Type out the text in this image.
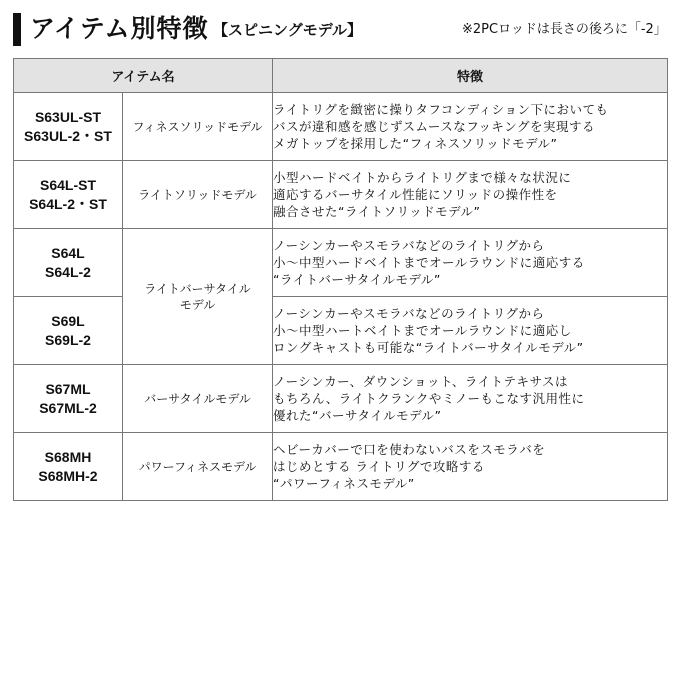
アイテム別特徴 【スピニングモデル】	※2PCロッドは長さの後ろに「-2」
アイテム名		特徴

S63UL-ST
S63UL-2・ST	フィネスソリッドモデル	ライトリグを緻密に操りタフコンディション下においても
バスが違和感を感じずスムースなフッキングを実現する
メガトップを採用した“フィネスソリッドモデル”

S64L-ST
S64L-2・ST	ライトソリッドモデル	小型ハードベイトからライトリグまで様々な状況に
適応するバーサタイル性能にソリッドの操作性を
融合させた“ライトソリッドモデル”

S64L
S64L-2	ライトバーサタイル
モデル	ノーシンカーやスモラバなどのライトリグから
小～中型ハードベイトまでオールラウンドに適応する
“ライトバーサタイルモデル”

S69L
S69L-2		ノーシンカーやスモラバなどのライトリグから
小～中型ハートベイトまでオールラウンドに適応し
ロングキャストも可能な“ライトバーサタイルモデル”

S67ML
S67ML-2	バーサタイルモデル	ノーシンカー、ダウンショット、ライトテキサスは
もちろん、ライトクランクやミノーもこなす汎用性に
優れた“バーサタイルモデル”

S68MH
S68MH-2	パワーフィネスモデル	ヘビーカバーで口を使わないバスをスモラバを
はじめとする ライトリグで攻略する
“パワーフィネスモデル”
